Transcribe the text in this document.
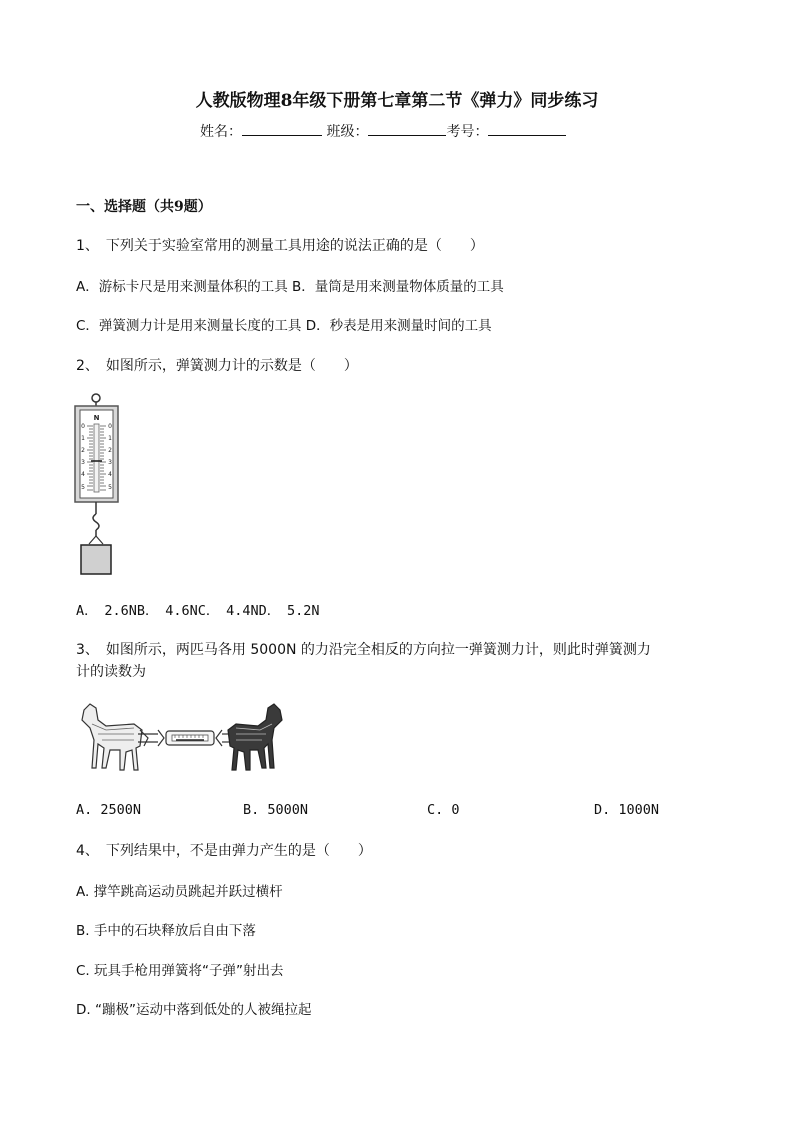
人教版物理8年级下册第七章第二节《弹力》同步练习
姓名：	班级：	考号：
一、选择题（共9题）
1、　下列关于实验室常用的测量工具用途的说法正确的是（　　）
A．游标卡尺是用来测量体积的工具 B．量筒是用来测量物体质量的工具
C．弹簧测力计是用来测量长度的工具 D．秒表是用来测量时间的工具
2、　如图所示，弹簧测力计的示数是（　　）
N
0
1
2
3
4
5
0
1
2
3
4
5
A．　2.6NB．　4.6NC．　4.4ND．　5.2N
3、　如图所示，两匹马各用 5000N 的力沿完全相反的方向拉一弹簧测力计，则此时弹簧测力
计的读数为
A. 2500N	B. 5000N	C. 0	D. 1000N
4、　下列结果中，不是由弹力产生的是（　　）
A. 撑竿跳高运动员跳起并跃过横杆
B. 手中的石块释放后自由下落
C. 玩具手枪用弹簧将“子弹”射出去
D. “蹦极”运动中落到低处的人被绳拉起
